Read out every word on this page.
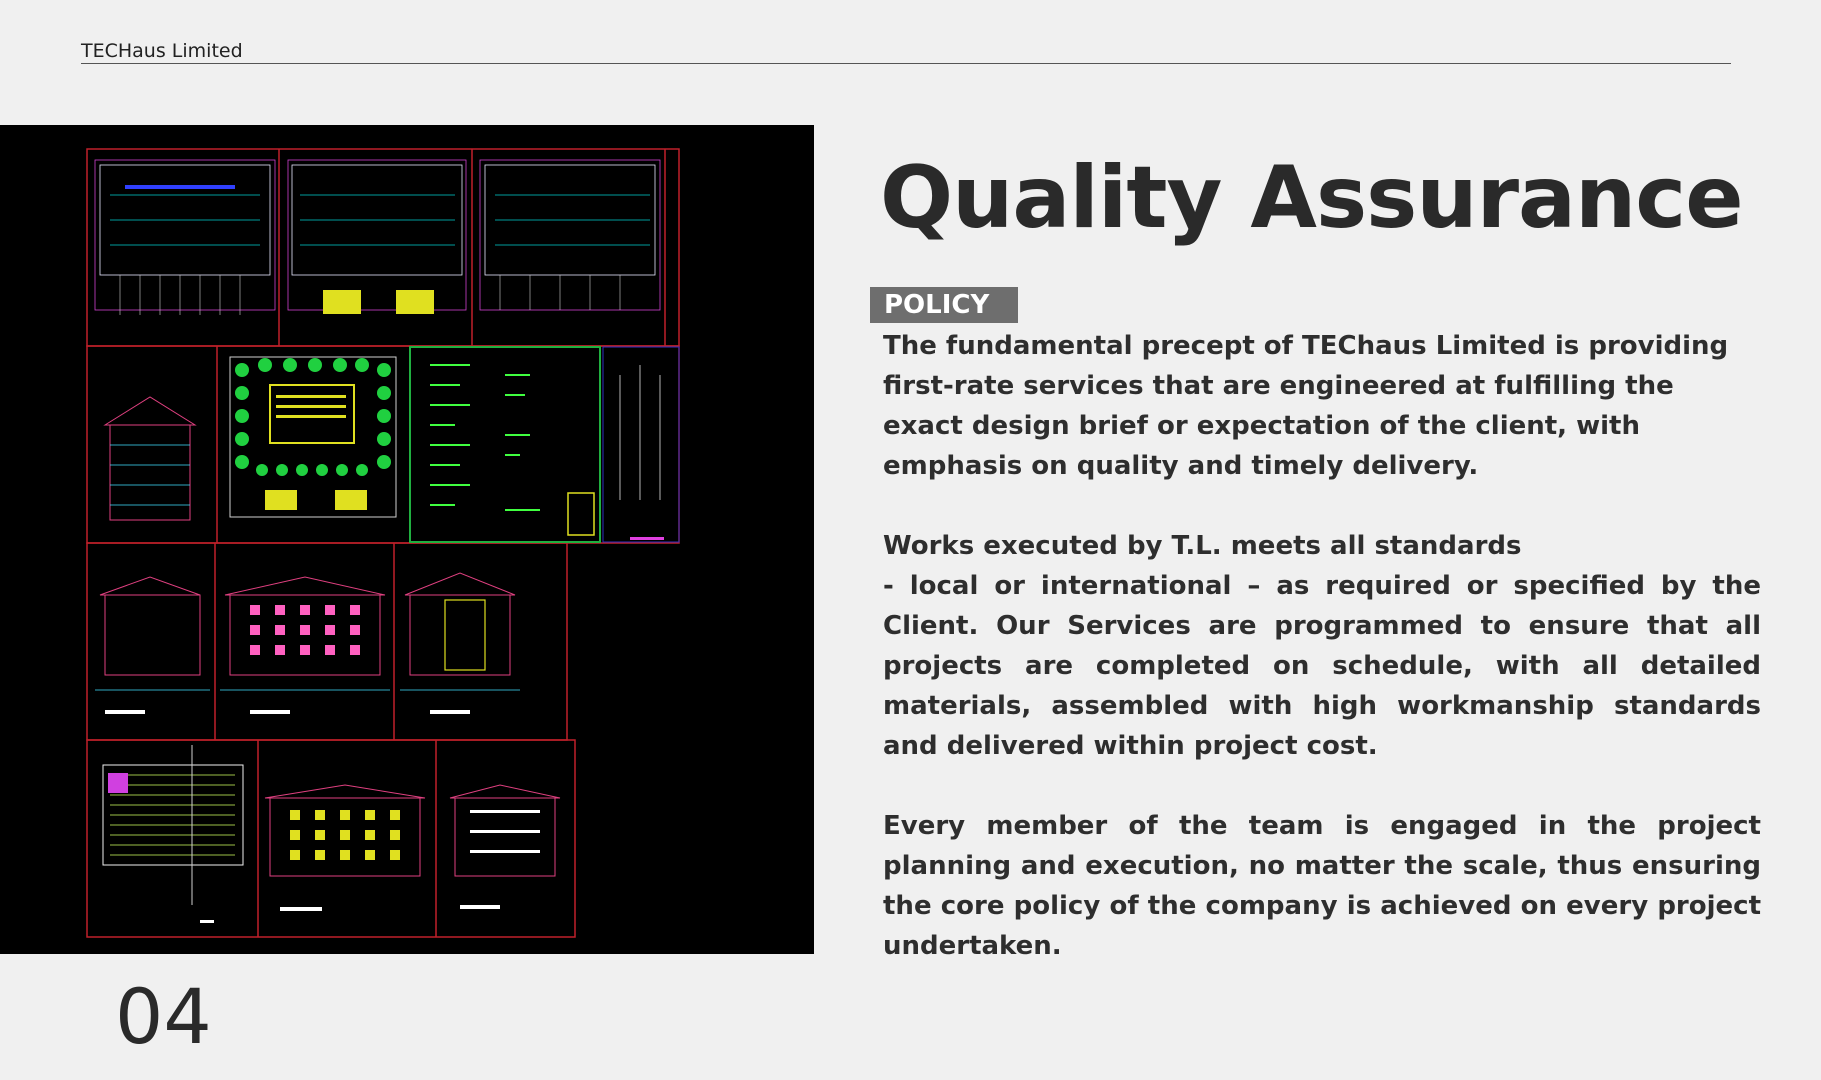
TECHaus Limited
Quality Assurance
POLICY

The fundamental precept of TEChaus Limited is providing first-rate services that are engineered at fulfilling the exact design brief or expectation of the client, with emphasis on quality and timely delivery.

Works executed by T.L. meets all standards
- local or international – as required or specified by the Client. Our Services are programmed to ensure that all projects are completed on schedule, with all detailed materials, assembled with high workmanship standards and delivered within project cost.

Every member of the team is engaged in the project planning and execution, no matter the scale, thus ensuring the core policy of the company is achieved on every project undertaken.

04
